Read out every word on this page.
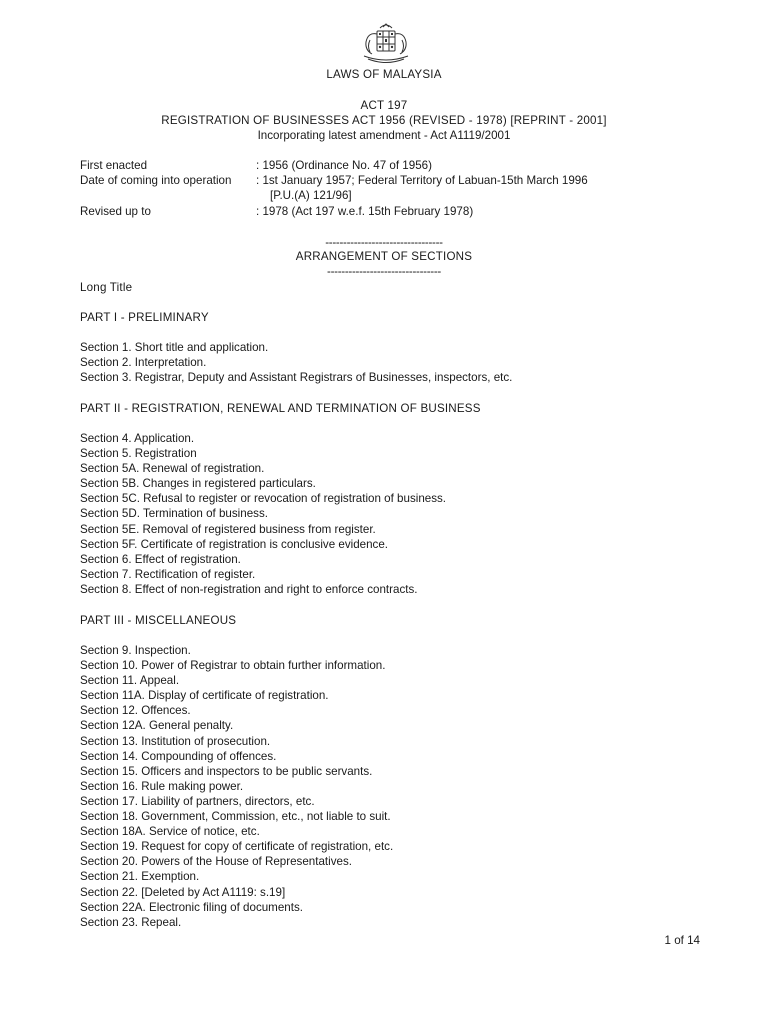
LAWS OF MALAYSIA
ACT 197
REGISTRATION OF BUSINESSES ACT 1956 (REVISED - 1978) [REPRINT - 2001]
Incorporating latest amendment - Act A1119/2001
First enacted	: 1956 (Ordinance No. 47 of 1956)
Date of coming into operation : 1st January 1957; Federal Territory of Labuan-15th March 1996
[P.U.(A) 121/96]
Revised up to	: 1978 (Act 197 w.e.f. 15th February 1978)
---------------------------------
ARRANGEMENT OF SECTIONS
--------------------------------
Long Title
PART I - PRELIMINARY
Section 1. Short title and application.
Section 2. Interpretation.
Section 3. Registrar, Deputy and Assistant Registrars of Businesses, inspectors, etc.
PART II - REGISTRATION, RENEWAL AND TERMINATION OF BUSINESS
Section 4. Application.
Section 5. Registration
Section 5A. Renewal of registration.
Section 5B. Changes in registered particulars.
Section 5C. Refusal to register or revocation of registration of business.
Section 5D. Termination of business.
Section 5E. Removal of registered business from register.
Section 5F. Certificate of registration is conclusive evidence.
Section 6. Effect of registration.
Section 7. Rectification of register.
Section 8. Effect of non-registration and right to enforce contracts.
PART III - MISCELLANEOUS
Section 9. Inspection.
Section 10. Power of Registrar to obtain further information.
Section 11. Appeal.
Section 11A. Display of certificate of registration.
Section 12. Offences.
Section 12A. General penalty.
Section 13. Institution of prosecution.
Section 14. Compounding of offences.
Section 15. Officers and inspectors to be public servants.
Section 16. Rule making power.
Section 17. Liability of partners, directors, etc.
Section 18. Government, Commission, etc., not liable to suit.
Section 18A. Service of notice, etc.
Section 19. Request for copy of certificate of registration, etc.
Section 20. Powers of the House of Representatives.
Section 21. Exemption.
Section 22. [Deleted by Act A1119: s.19]
Section 22A. Electronic filing of documents.
Section 23. Repeal.
1 of 14
